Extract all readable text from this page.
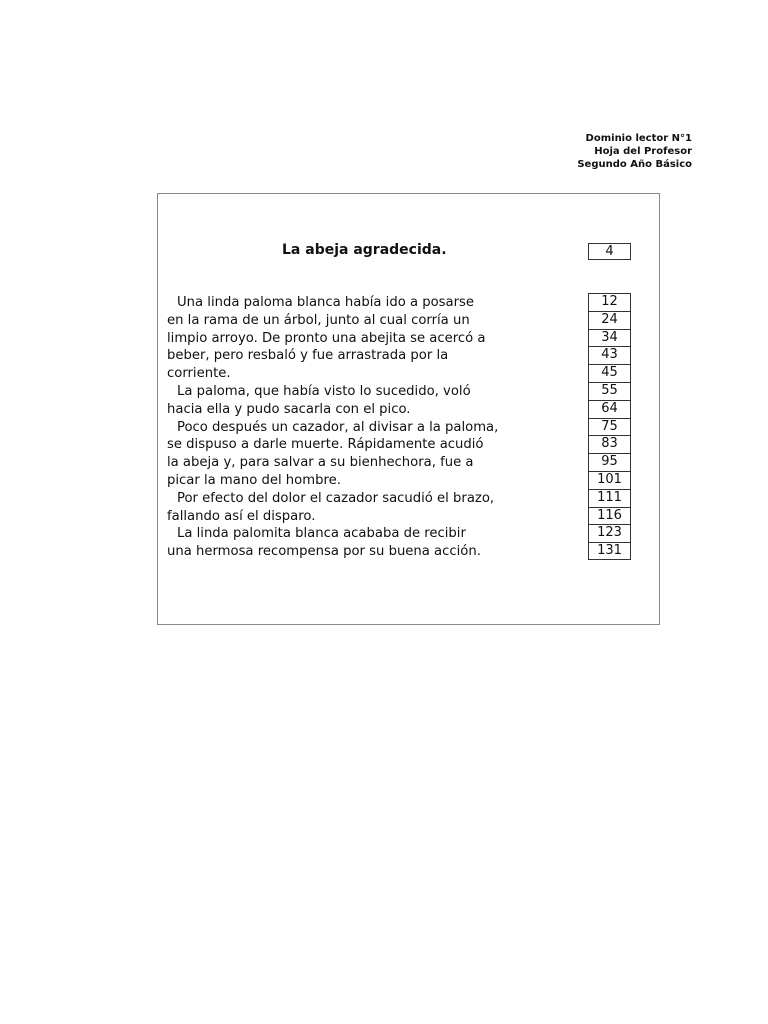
Dominio lector N°1
Hoja del Profesor
Segundo Año Básico
La abeja agradecida.	4
Una linda paloma blanca había ido a posarse
en la rama de un árbol, junto al cual corría un
limpio arroyo. De pronto una abejita se acercó a
beber, pero resbaló y fue arrastrada por la
corriente.
La paloma, que había visto lo sucedido, voló
hacia ella y pudo sacarla con el pico.
Poco después un cazador, al divisar a la paloma,
se dispuso a darle muerte. Rápidamente acudió
la abeja y, para salvar a su bienhechora, fue a
picar la mano del hombre.
Por efecto del dolor el cazador sacudió el brazo,
fallando así el disparo.
La linda palomita blanca acababa de recibir
una hermosa recompensa por su buena acción.
12
24
34
43
45
55
64
75
83
95
101
111
116
123
131
